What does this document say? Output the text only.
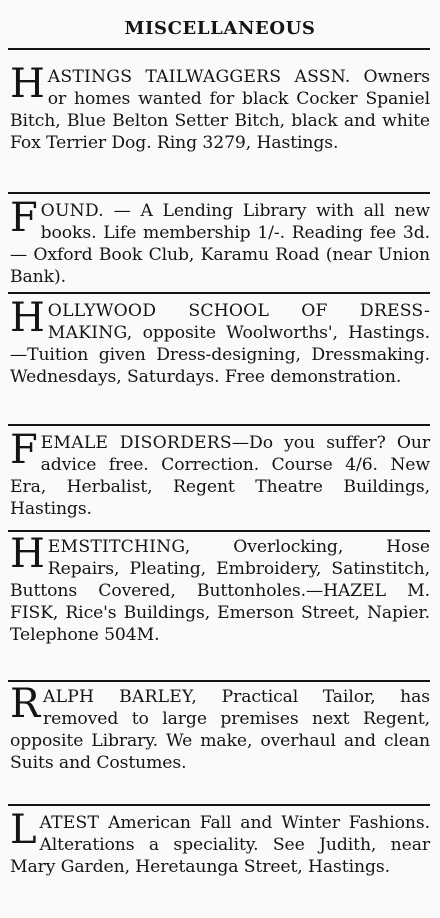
MISCELLANEOUS

HASTINGS TAILWAGGERS ASSN. Owners or homes wanted for black Cocker Spaniel Bitch, Blue Belton Setter Bitch, black and white Fox Terrier Dog. Ring 3279, Hastings.

FOUND. — A Lending Library with all new books. Life membership 1/-. Reading fee 3d. — Oxford Book Club, Karamu Road (near Union Bank).

HOLLYWOOD SCHOOL OF DRESS-MAKING, opposite Woolworths', Hastings.—Tuition given Dress-designing, Dressmaking. Wednesdays, Saturdays. Free demonstration.

FEMALE DISORDERS—Do you suffer? Our advice free. Correction. Course 4/6. New Era, Herbalist, Regent Theatre Buildings, Hastings.

HEMSTITCHING, Overlocking, Hose Repairs, Pleating, Embroidery, Satinstitch, Buttons Covered, Buttonholes.—HAZEL M. FISK, Rice's Buildings, Emerson Street, Napier. Telephone 504M.

RALPH BARLEY, Practical Tailor, has removed to large premises next Regent, opposite Library. We make, overhaul and clean Suits and Costumes.

LATEST American Fall and Winter Fashions. Alterations a speciality. See Judith, near Mary Garden, Heretaunga Street, Hastings.
